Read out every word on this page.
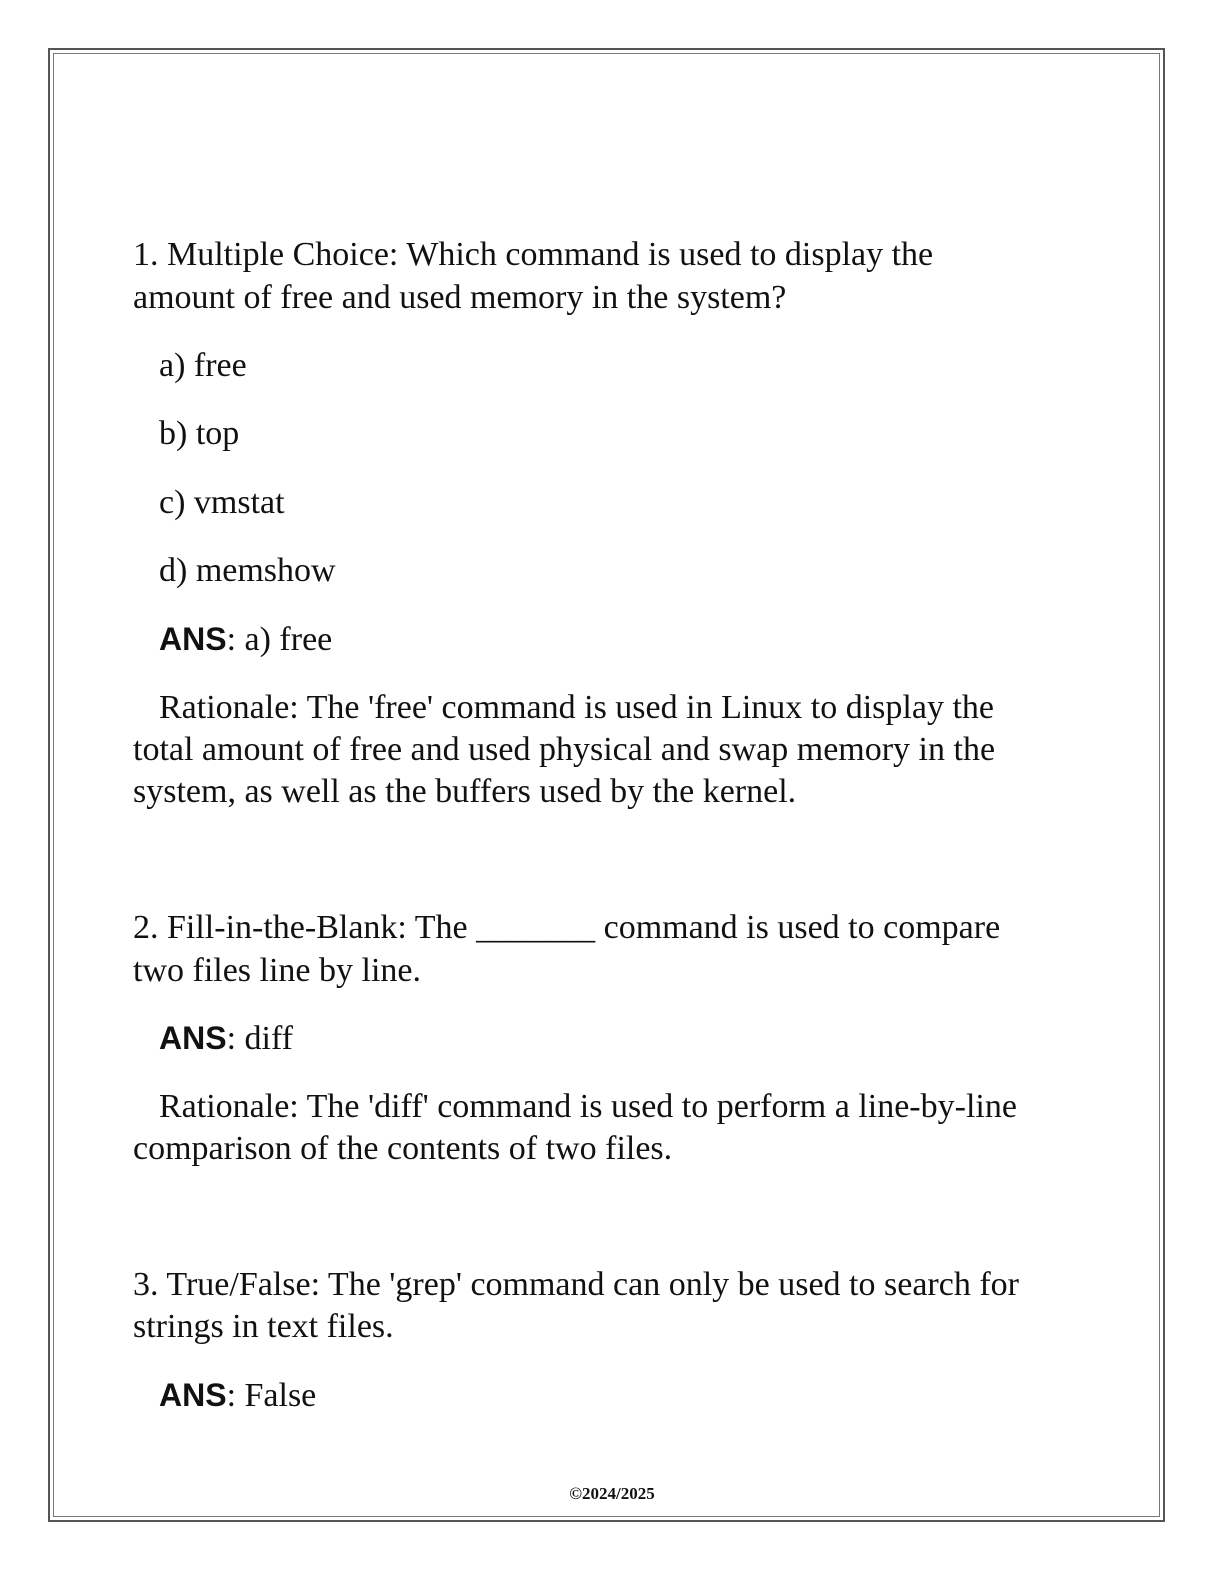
1. Multiple Choice: Which command is used to display the
amount of free and used memory in the system?
a) free
b) top
c) vmstat
d) memshow
ANS: a) free
Rationale: The 'free' command is used in Linux to display the
total amount of free and used physical and swap memory in the
system, as well as the buffers used by the kernel.
2. Fill-in-the-Blank: The _______ command is used to compare
two files line by line.
ANS: diff
Rationale: The 'diff' command is used to perform a line-by-line
comparison of the contents of two files.
3. True/False: The 'grep' command can only be used to search for
strings in text files.
ANS: False
©2024/2025
